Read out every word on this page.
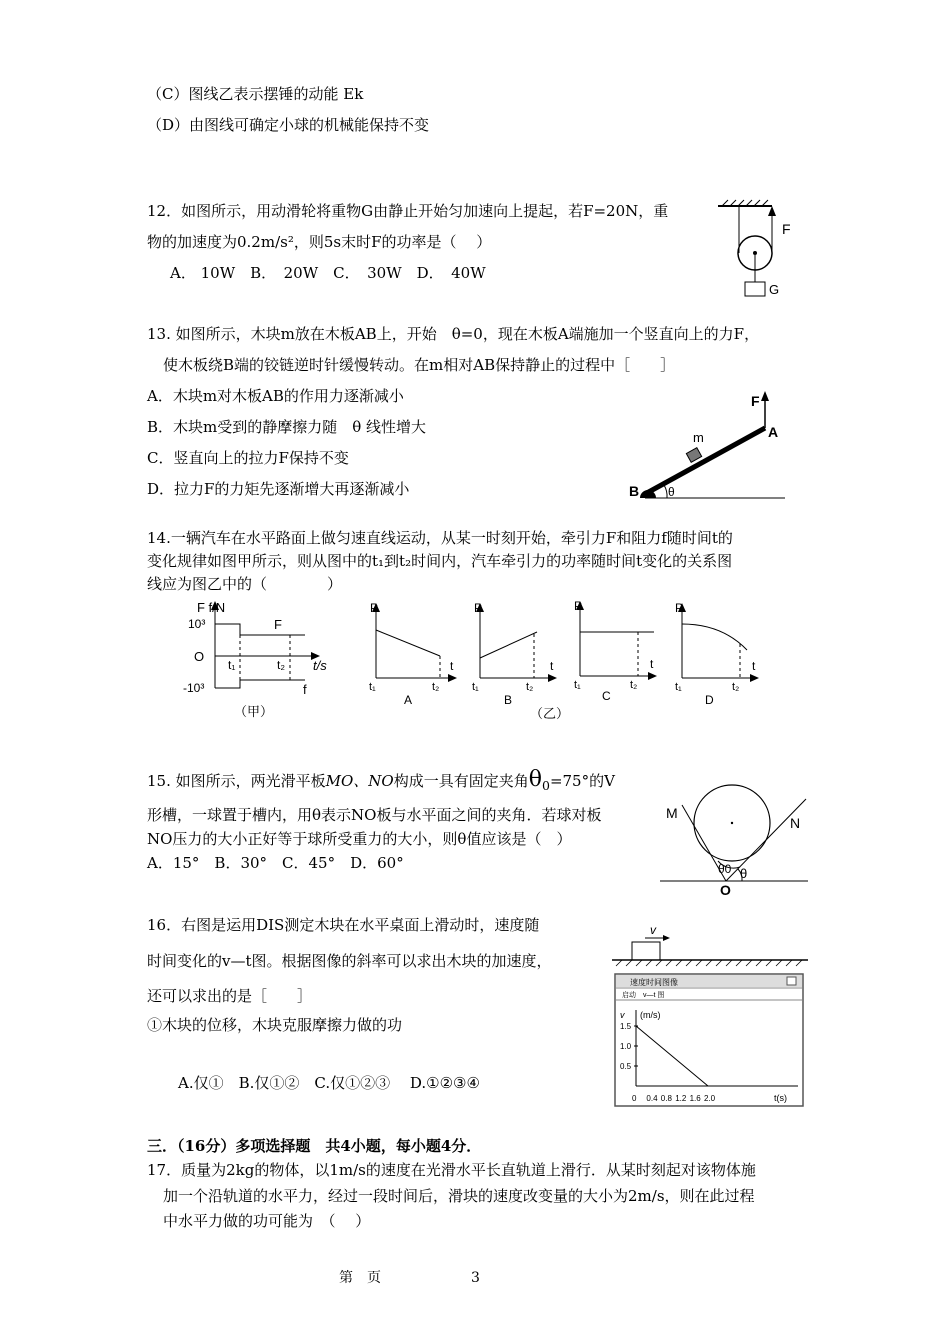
（C）图线乙表示摆锤的动能 Ek
（D）由图线可确定小球的机械能保持不变
12．如图所示，用动滑轮将重物G由静止开始匀加速向上提起，若F=20N，重
物的加速度为0.2m/s²，则5s末时F的功率是（　 ）
A． 10W　B．　20W　C．　30W　D．　40W
F
G
13. 如图所示，木块m放在木板AB上，开始　θ=0，现在木板A端施加一个竖直向上的力F，
使木板绕B端的铰链逆时针缓慢转动。在m相对AB保持静止的过程中［　　］
A．木块m对木板AB的作用力逐渐减小
B．木块m受到的静摩擦力随　θ 线性增大
C．竖直向上的拉力F保持不变
D．拉力F的力矩先逐渐增大再逐渐减小
F
A
m
B θ
14.一辆汽车在水平路面上做匀速直线运动，从某一时刻开始，牵引力F和阻力f随时间t的
变化规律如图甲所示，则从图中的t₁到t₂时间内，汽车牵引力的功率随时间t变化的关系图
线应为图乙中的（　　　　）
F f/N
10³
O
-10³
t₁	t₂ t/s
F
f
（甲）
P
t
t₁	t₂
A
P
t
t₁	t₂
B
P
t
t₁	t₂
C
P
t
t₁	t₂
D
（乙）
15. 如图所示，两光滑平板MO、NO构成一具有固定夹角$\theta_0=75^\circ$的V
形槽，一球置于槽内，用θ表示NO板与水平面之间的夹角．若球对板
NO压力的大小正好等于球所受重力的大小，则θ值应该是（　）
A．15°　B．30°　C．45°　D．60°
M
N
O
θ0 θ
16．右图是运用DIS测定木块在水平桌面上滑动时，速度随
时间变化的v—t图。根据图像的斜率可以求出木块的加速度，
还可以求出的是［　　］
①木块的位移，木块克服摩擦力做的功
A.仅①　B.仅①②　C.仅①②③　 D.①②③④
v
速度时间图像
启动　v—t 图
v (m/s)
1.5
1.0
0.5
0 0.4 0.8 1.2 1.6 2.0	t(s)
三．（16分）多项选择题　共4小题，每小题4分．
17．质量为2kg的物体，以1m/s的速度在光滑水平长直轨道上滑行．从某时刻起对该物体施
加一个沿轨道的水平力，经过一段时间后，滑块的速度改变量的大小为2m/s，则在此过程
中水平力做的功可能为　（　 ）
第　页	3
